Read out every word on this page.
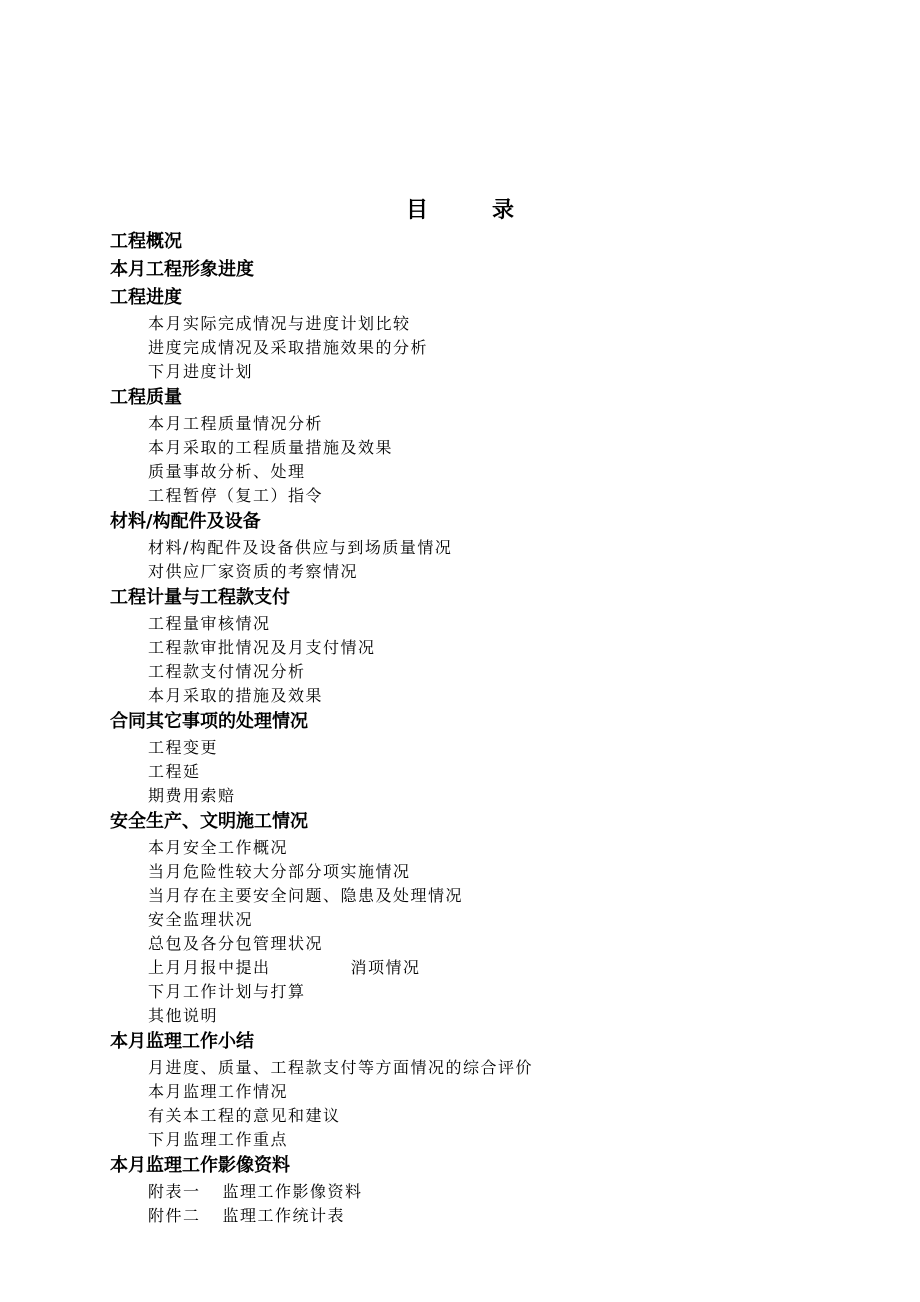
目	录
工程概况
本月工程形象进度
工程进度
本月实际完成情况与进度计划比较
进度完成情况及采取措施效果的分析
下月进度计划
工程质量
本月工程质量情况分析
本月采取的工程质量措施及效果
质量事故分析、处理
工程暂停（复工）指令
材料/构配件及设备
材料/构配件及设备供应与到场质量情况
对供应厂家资质的考察情况
工程计量与工程款支付
工程量审核情况
工程款审批情况及月支付情况
工程款支付情况分析
本月采取的措施及效果
合同其它事项的处理情况
工程变更
工程延
期费用索赔
安全生产、文明施工情况
本月安全工作概况
当月危险性较大分部分项实施情况
当月存在主要安全问题、隐患及处理情况
安全监理状况
总包及各分包管理状况
上月月报中提出	消项情况
下月工作计划与打算
其他说明
本月监理工作小结
月进度、质量、工程款支付等方面情况的综合评价
本月监理工作情况
有关本工程的意见和建议
下月监理工作重点
本月监理工作影像资料
附表一 监理工作影像资料
附件二 监理工作统计表
